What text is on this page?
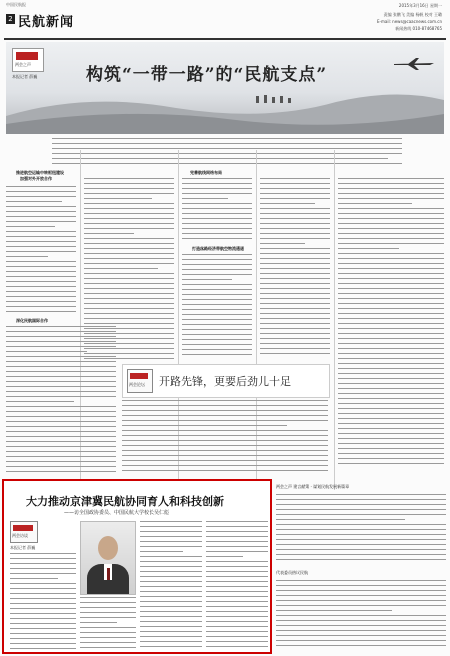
中国民航报
2 民航新闻
2015年3月16日 星期一
责编 张鹏飞 美编 杨帆 校对 王璐
E-mail: news@caacnews.com.cn
新闻热线 010-87468765
两会之声
本报记者 薛巍	构筑“一带一路”的“民航支点”
推进航空运输中转枢纽建设
加强对外开放合作
完善航线网络布局
打造丝路经济带航空物流通道
深化民航国际合作
两会论坛 开路先锋，更要后劲儿十足
两会之声 建言献策 · 谋划民航发展新篇章
代表委员热议民航
大力推动京津冀民航协同育人和科技创新
——访全国政协委员、中国民航大学校长吴仁彪
两会访谈
本报记者 薛巍
